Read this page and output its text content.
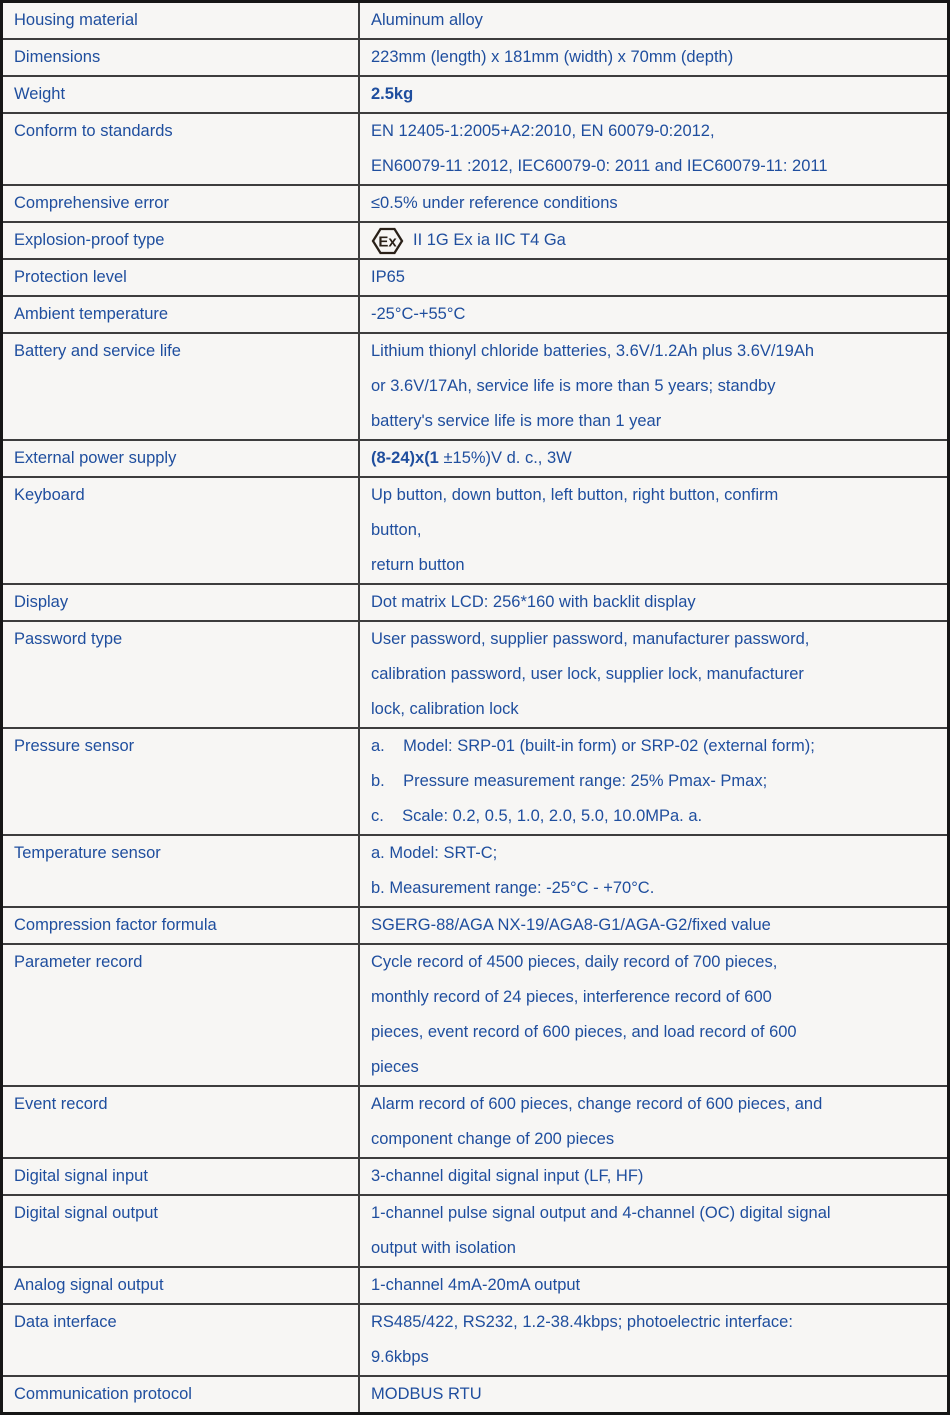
Housing material	Aluminum alloy
Dimensions	223mm (length) x 181mm (width) x 70mm (depth)
Weight	2.5kg
Conform to standards	EN 12405-1:2005+A2:2010, EN 60079-0:2012,
EN60079-11 :2012, IEC60079-0: 2011 and IEC60079-11: 2011
Comprehensive error	≤0.5% under reference conditions
Explosion-proof type	Ex II 1G Ex ia IIC T4 Ga
Protection level	IP65
Ambient temperature	-25°C-+55°C
Battery and service life	Lithium thionyl chloride batteries, 3.6V/1.2Ah plus 3.6V/19Ah
or 3.6V/17Ah, service life is more than 5 years; standby
battery's service life is more than 1 year
External power supply	(8-24)x(1 ±15%)V d. c., 3W
Keyboard	Up button, down button, left button, right button, confirm
button,
return button
Display	Dot matrix LCD: 256*160 with backlit display
Password type	User password, supplier password, manufacturer password,
calibration password, user lock, supplier lock, manufacturer
lock, calibration lock
Pressure sensor	a.    Model: SRP-01 (built-in form) or SRP-02 (external form);
b.    Pressure measurement range: 25% Pmax- Pmax;
c.    Scale: 0.2, 0.5, 1.0, 2.0, 5.0, 10.0MPa. a.
Temperature sensor	a. Model: SRT-C;
b. Measurement range: -25°C - +70°C.
Compression factor formula	SGERG-88/AGA NX-19/AGA8-G1/AGA-G2/fixed value
Parameter record	Cycle record of 4500 pieces, daily record of 700 pieces,
monthly record of 24 pieces, interference record of 600
pieces, event record of 600 pieces, and load record of 600
pieces
Event record	Alarm record of 600 pieces, change record of 600 pieces, and
component change of 200 pieces
Digital signal input	3-channel digital signal input (LF, HF)
Digital signal output	1-channel pulse signal output and 4-channel (OC) digital signal
output with isolation
Analog signal output	1-channel 4mA-20mA output
Data interface	RS485/422, RS232, 1.2-38.4kbps; photoelectric interface:
9.6kbps
Communication protocol	MODBUS RTU
